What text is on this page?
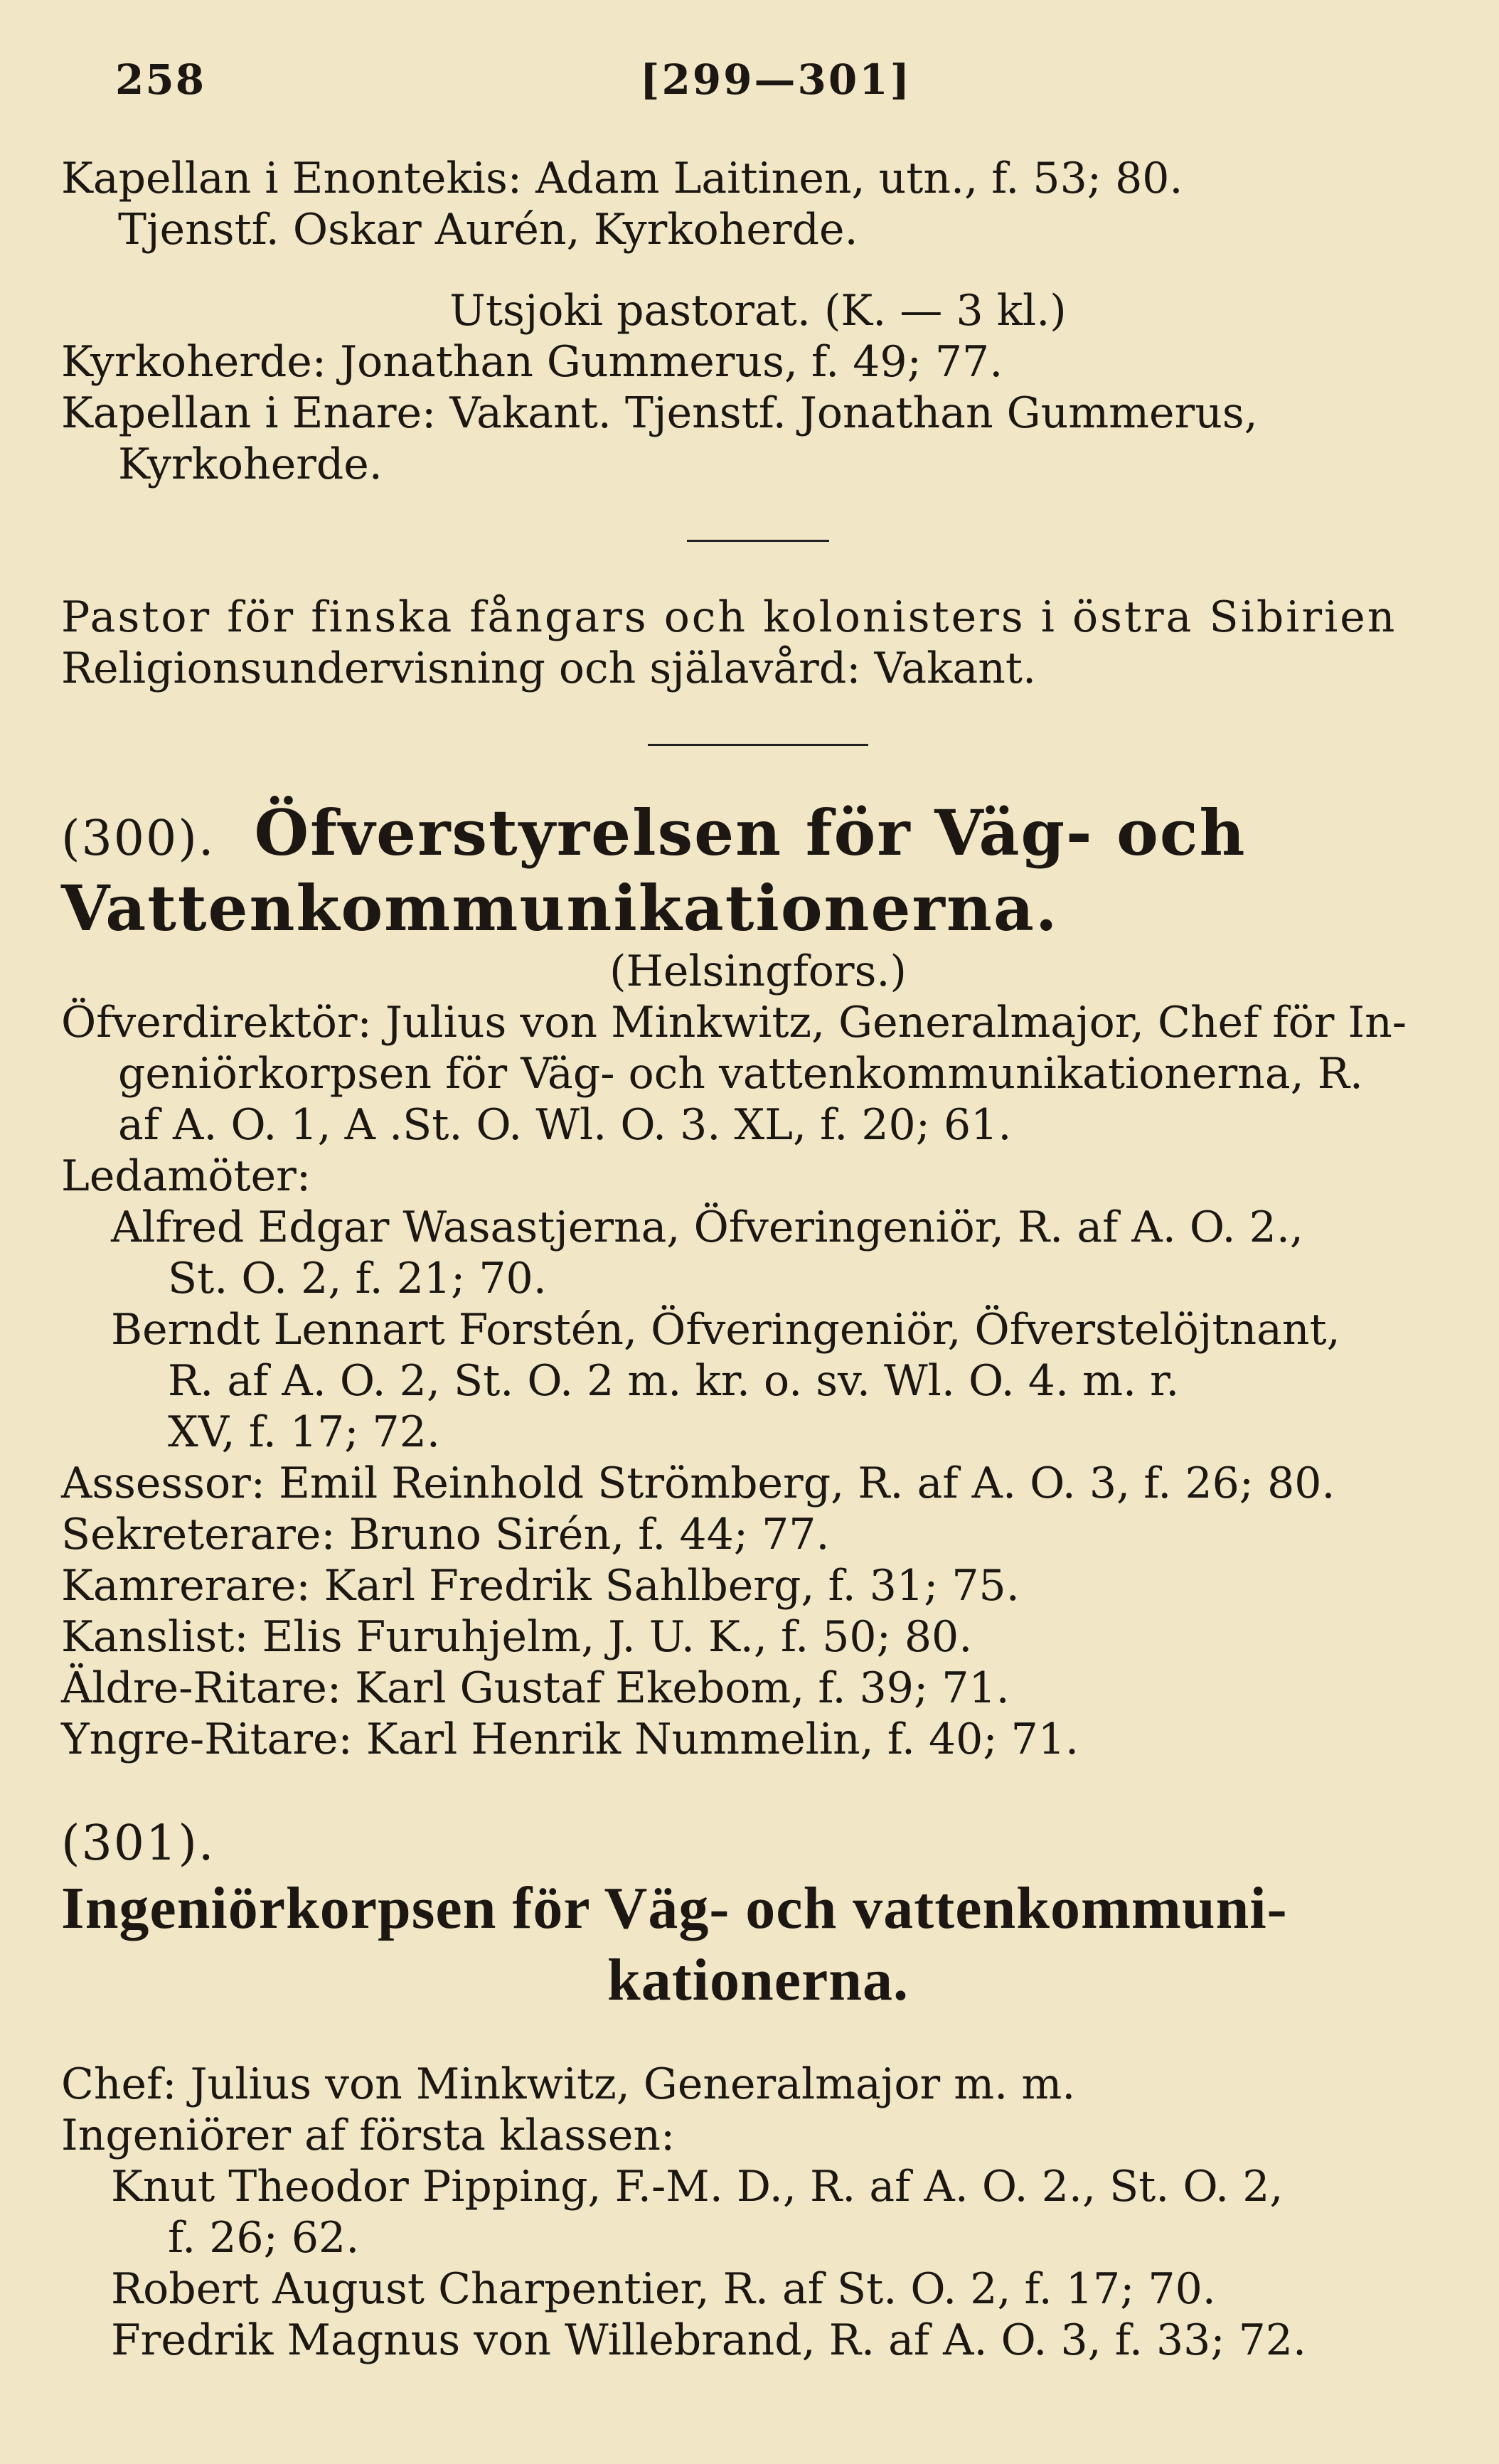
258	[299—301]
Kapellan i Enontekis: Adam Laitinen, utn., f. 53; 80.
Tjenstf. Oskar Aurén, Kyrkoherde.
Utsjoki pastorat. (K. — 3 kl.)
Kyrkoherde: Jonathan Gummerus, f. 49; 77.
Kapellan i Enare: Vakant. Tjenstf. Jonathan Gummerus,
Kyrkoherde.
Pastor för finska fångars och kolonisters i östra Sibirien
Religionsundervisning och själavård: Vakant.
(300). Öfverstyrelsen för Väg- och
Vattenkommunikationerna.
(Helsingfors.)
Öfverdirektör: Julius von Minkwitz, Generalmajor, Chef för In-
geniörkorpsen för Väg- och vattenkommunikationerna, R.
af A. O. 1, A .St. O. Wl. O. 3. XL, f. 20; 61.
Ledamöter:
Alfred Edgar Wasastjerna, Öfveringeniör, R. af A. O. 2.,
St. O. 2, f. 21; 70.
Berndt Lennart Forstén, Öfveringeniör, Öfverstelöjtnant,
R. af A. O. 2, St. O. 2 m. kr. o. sv. Wl. O. 4. m. r.
XV, f. 17; 72.
Assessor: Emil Reinhold Strömberg, R. af A. O. 3, f. 26; 80.
Sekreterare: Bruno Sirén, f. 44; 77.
Kamrerare: Karl Fredrik Sahlberg, f. 31; 75.
Kanslist: Elis Furuhjelm, J. U. K., f. 50; 80.
Äldre-Ritare: Karl Gustaf Ekebom, f. 39; 71.
Yngre-Ritare: Karl Henrik Nummelin, f. 40; 71.
(301).
Ingeniörkorpsen för Väg- och vattenkommuni-
kationerna.
Chef: Julius von Minkwitz, Generalmajor m. m.
Ingeniörer af första klassen:
Knut Theodor Pipping, F.-M. D., R. af A. O. 2., St. O. 2,
f. 26; 62.
Robert August Charpentier, R. af St. O. 2, f. 17; 70.
Fredrik Magnus von Willebrand, R. af A. O. 3, f. 33; 72.
